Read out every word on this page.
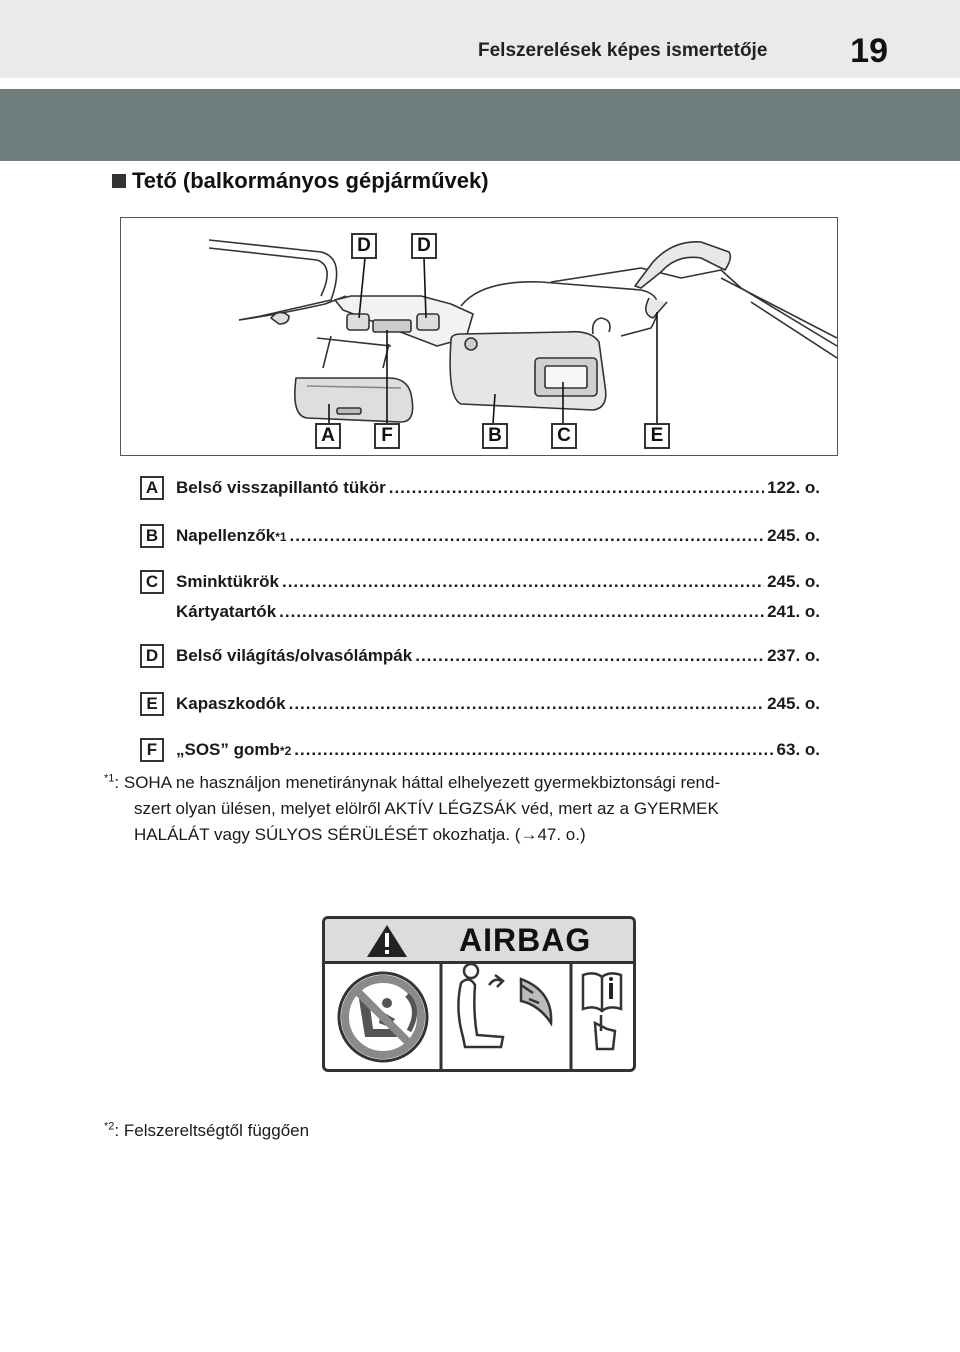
Felszerelések képes ismertetője 19
Tető (balkormányos gépjárművek)
D	D
A	F	B	C	E
A	Belső visszapillantó tükör .....	122. o.
B	Napellenzők *1 .....	245. o.
C	Sminktükrök .....	245. o.
Kártyatartók .....	241. o.
D	Belső világítás/olvasólámpák .....	237. o.
E	Kapaszkodók .....	245. o.
F	„SOS” gomb *2 .....	63. o.
$^{*1}$: SOHA ne használjon menetiránynak háttal elhelyezett gyermekbiztonsági rend-
szert olyan ülésen, melyet elölről AKTÍV LÉGZSÁK véd, mert az a GYERMEK
HALÁLÁT vagy SÚLYOS SÉRÜLÉSÉT okozhatja. (→47. o.)
AIRBAG
$^{*2}$: Felszereltségtől függően
